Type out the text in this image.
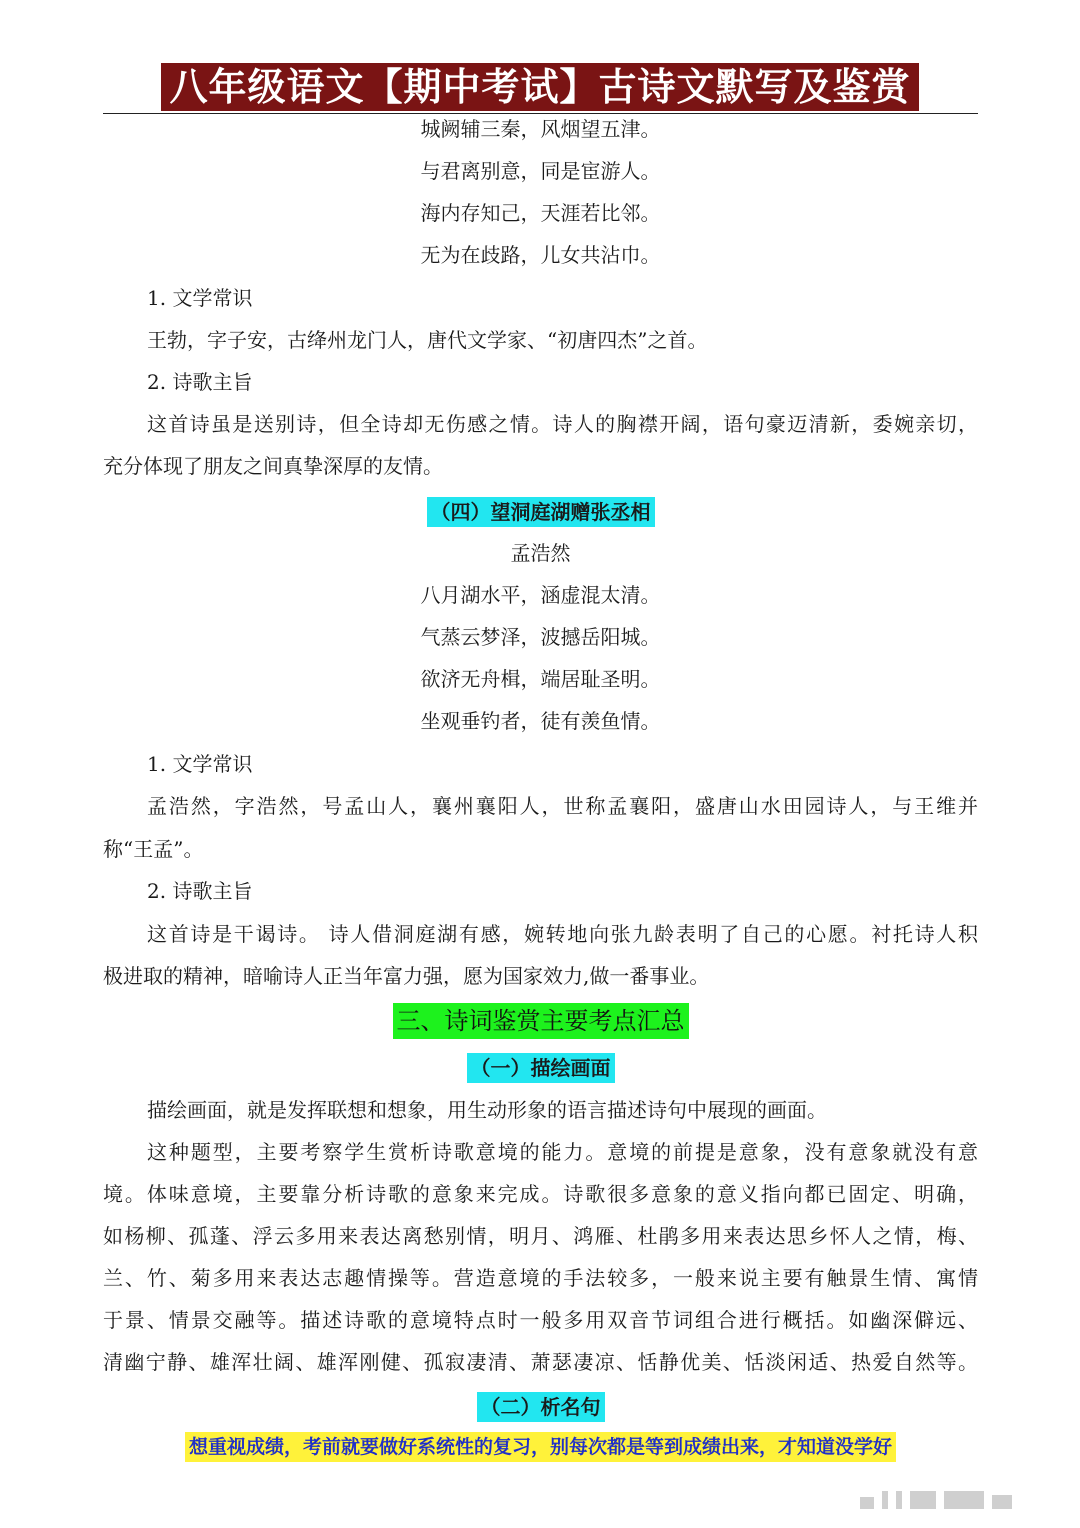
八年级语文【期中考试】古诗文默写及鉴赏
城阙辅三秦，风烟望五津。
与君离别意，同是宦游人。
海内存知己，天涯若比邻。
无为在歧路，儿女共沾巾。
1. 文学常识
王勃，字子安，古绛州龙门人，唐代文学家、“初唐四杰”之首。
2. 诗歌主旨
这首诗虽是送别诗，但全诗却无伤感之情。诗人的胸襟开阔，语句豪迈清新，委婉亲切，
充分体现了朋友之间真挚深厚的友情。
（四）望洞庭湖赠张丞相
孟浩然
八月湖水平，涵虚混太清。
气蒸云梦泽，波撼岳阳城。
欲济无舟楫，端居耻圣明。
坐观垂钓者，徒有羡鱼情。
1. 文学常识
孟浩然，字浩然，号孟山人，襄州襄阳人，世称孟襄阳，盛唐山水田园诗人，与王维并
称“王孟”。
2. 诗歌主旨
这首诗是干谒诗。 诗人借洞庭湖有感，婉转地向张九龄表明了自己的心愿。衬托诗人积
极进取的精神，暗喻诗人正当年富力强，愿为国家效力,做一番事业。
三、诗词鉴赏主要考点汇总
（一）描绘画面
描绘画面，就是发挥联想和想象，用生动形象的语言描述诗句中展现的画面。
这种题型，主要考察学生赏析诗歌意境的能力。意境的前提是意象，没有意象就没有意
境。体味意境，主要靠分析诗歌的意象来完成。诗歌很多意象的意义指向都已固定、明确，
如杨柳、孤蓬、浮云多用来表达离愁别情，明月、鸿雁、杜鹃多用来表达思乡怀人之情，梅、
兰、竹、菊多用来表达志趣情操等。营造意境的手法较多，一般来说主要有触景生情、寓情
于景、情景交融等。描述诗歌的意境特点时一般多用双音节词组合进行概括。如幽深僻远、
清幽宁静、雄浑壮阔、雄浑刚健、孤寂凄清、萧瑟凄凉、恬静优美、恬淡闲适、热爱自然等。
（二）析名句
想重视成绩，考前就要做好系统性的复习，别每次都是等到成绩出来，才知道没学好
